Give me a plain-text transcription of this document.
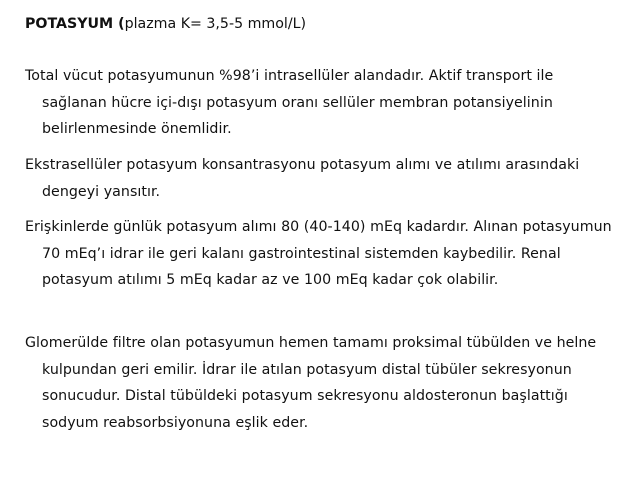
POTASYUM (plazma K= 3,5-5 mmol/L)
Total vücut potasyumunun %98’i intrasellüler alandadır. Aktif transport ile sağlanan hücre içi-dışı potasyum oranı sellüler membran potansiyelinin belirlenmesinde önemlidir.
Ekstrasellüler potasyum konsantrasyonu potasyum alımı ve atılımı arasındaki dengeyi yansıtır.
Erişkinlerde günlük potasyum alımı 80 (40-140) mEq kadardır. Alınan potasyumun 70 mEq’ı idrar ile geri kalanı gastrointestinal sistemden kaybedilir. Renal potasyum atılımı 5 mEq kadar az ve 100 mEq kadar çok olabilir.
Glomerülde filtre olan potasyumun hemen tamamı proksimal tübülden ve helne kulpundan geri emilir. İdrar ile atılan potasyum distal tübüler sekresyonun sonucudur. Distal tübüldeki potasyum sekresyonu aldosteronun başlattığı sodyum reabsorbsiyonuna eşlik eder.
